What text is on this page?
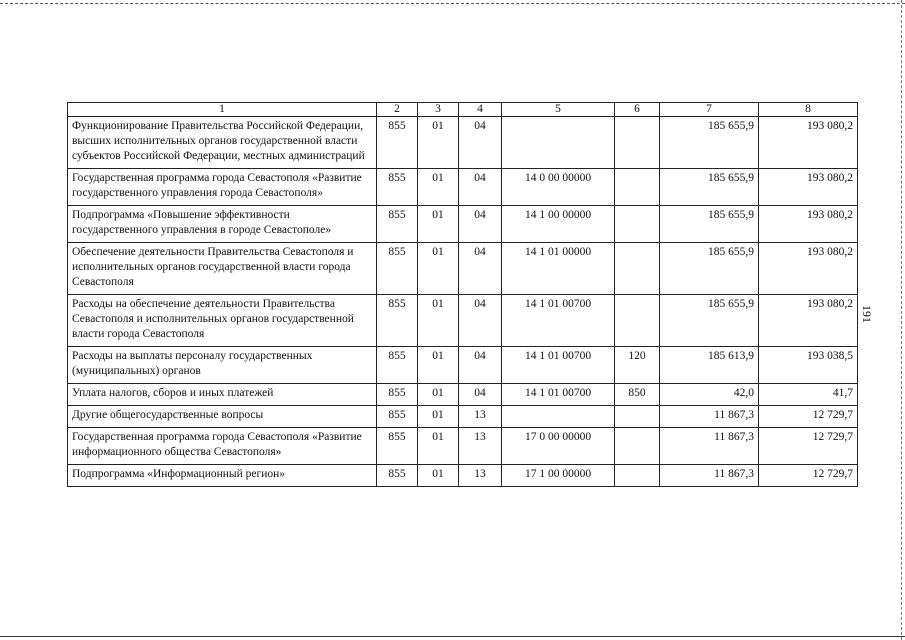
191
1	2	3	4	5	6	7	8
Функционирование Правительства Российской Федерации, высших исполнительных органов государственной власти субъектов Российской Федерации, местных администраций	855	01	04			185 655,9	193 080,2
Государственная программа города Севастополя «Развитие государственного управления города Севастополя»	855	01	04	14 0 00 00000		185 655,9	193 080,2
Подпрограмма «Повышение эффективности государственного управления в городе Севастополе»	855	01	04	14 1 00 00000		185 655,9	193 080,2
Обеспечение деятельности Правительства Севастополя и исполнительных органов государственной власти города Севастополя	855	01	04	14 1 01 00000		185 655,9	193 080,2
Расходы на обеспечение деятельности Правительства Севастополя и исполнительных органов государственной власти города Севастополя	855	01	04	14 1 01 00700		185 655,9	193 080,2
Расходы на выплаты персоналу государственных (муниципальных) органов	855	01	04	14 1 01 00700	120	185 613,9	193 038,5
Уплата налогов, сборов и иных платежей	855	01	04	14 1 01 00700	850	42,0	41,7
Другие общегосударственные вопросы	855	01	13			11 867,3	12 729,7
Государственная программа города Севастополя «Развитие информационного общества Севастополя»	855	01	13	17 0 00 00000		11 867,3	12 729,7
Подпрограмма «Информационный регион»	855	01	13	17 1 00 00000		11 867,3	12 729,7
